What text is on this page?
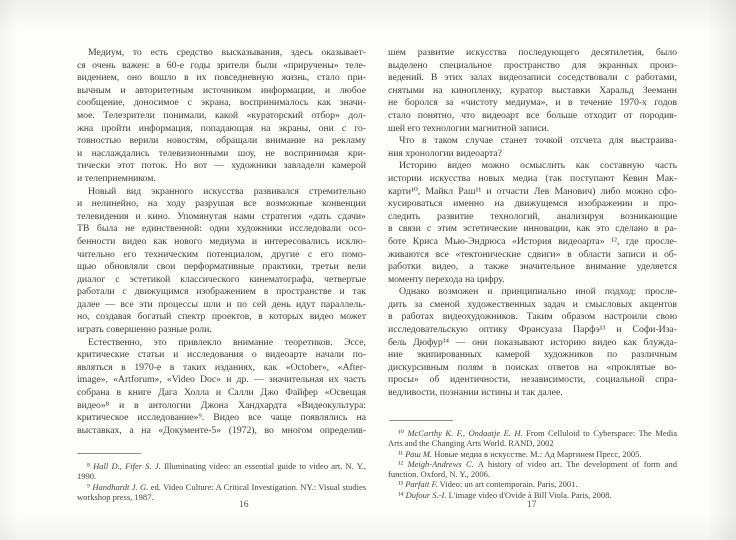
Медиум, то есть средство высказывания, здесь оказывает-
ся очень важен: в 60-е годы зрители были «приручены» теле-
видением, оно вошло в их повседневную жизнь, стало при-
вычным и авторитетным источником информации, и любое
сообщение, доносимое с экрана, воспринималось как значи-
мое. Телезрители понимали, какой «кураторский отбор» дол-
жна пройти информация, попадающая на экраны, они с го-
товностью верили новостям, обращали внимание на рекламу
и наслаждались телевизионными шоу, не воспринимая кри-
тически этот поток. Но вот — художники завладели камерой
и телеприемником.
Новый вид экранного искусства развивался стремительно
и нелинейно, на ходу разрушая все возможные конвенции
телевидения и кино. Упомянутая нами стратегия «дать сдачи»
ТВ была не единственной: одни художники исследовали осо-
бенности видео как нового медиума и интересовались исклю-
чительно его техническим потенциалом, другие с его помо-
щью обновляли свои перформативные практики, третьи вели
диалог с эстетикой классического кинематографа, четвертые
работали с движущимся изображением в пространстве и так
далее — все эти процессы шли и по сей день идут параллель-
но, создавая богатый спектр проектов, в которых видео может
играть совершенно разные роли.
Естественно, это привлекло внимание теоретиков. Эссе,
критические статьи и исследования о видеоарте начали по-
являться в 1970-е в таких изданиях, как «October», «After-
image», «Artforum», «Video Doc» и др. — значительная их часть
собрана в книге Дага Холла и Салли Джо Файфер «Освещая
видео»⁸ и в антологии Джона Хандхардта «Видеокультура:
критическое исследование»⁹. Видео все чаще появлялись на
выставках, а на «Документе-5» (1972), во многом определив-
⁸ Hall D., Fifer S. J. Illuminating video: an essential guide to video art. N. Y., 1990.
⁹ Handhardt J. G. ed. Video Culture: A Critical Investigation. NY.: Visual studies workshop press, 1987.
16
шем развитие искусства последующего десятилетия, было
выделено специальное пространство для экранных произ-
ведений. В этих залах видеозаписи соседствовали с работами,
снятыми на кинопленку, куратор выставки Харальд Зееманн
не боролся за «чистоту медиума», и в течение 1970-х годов
стало понятно, что видеоарт все больше отходит от породив-
шей его технологии магнитной записи.
Что в таком случае станет точкой отсчета для выстраива-
ния хронологии видеоарта?
Историю видео можно осмыслить как составную часть
истории искусства новых медиа (так поступают Кевин Мак-
карти¹⁰, Майкл Раш¹¹ и отчасти Лев Манович) либо можно сфо-
кусироваться именно на движущемся изображении и про-
следить развитие технологий, анализируя возникающие
в связи с этим эстетические инновации, как это сделано в ра-
боте Криса Мью-Эндрюса «История видеоарта» ¹², где просле-
живаются все «тектонические сдвиги» в области записи и об-
работки видео, а также значительное внимание уделяется
моменту перехода на цифру.
Однако возможен и принципиально иной подход: просле-
дить за сменой художественных задач и смысловых акцентов
в работах видеохудожников. Таким образом настроили свою
исследовательскую оптику Франсуаза Парфэ¹³ и Софи-Иза-
бель Дюфур¹⁴ — они показывают историю видео как блужда-
ние экипированных камерой художников по различным
дискурсивным полям в поисках ответов на «проклятые во-
просы» об идентичности, независимости, социальной спра-
ведливости, познании истины и так далее.
¹⁰ McCarthy K. F., Ondaatje E. H. From Celluloid to Cyberspace: The Media Arts and the Changing Arts World. RAND, 2002
¹¹ Раш М. Новые медиа в искусстве. М.: Ад Маргинем Пресс, 2005.
¹² Meigh-Andrews C. A history of video art. The development of form and function. Oxford, N. Y., 2006.
¹³ Parfait F. Video: un art contemporain. Paris, 2001.
¹⁴ Dufour S.-I. L'image video d'Ovide à Bill Viola. Paris, 2008.
17
